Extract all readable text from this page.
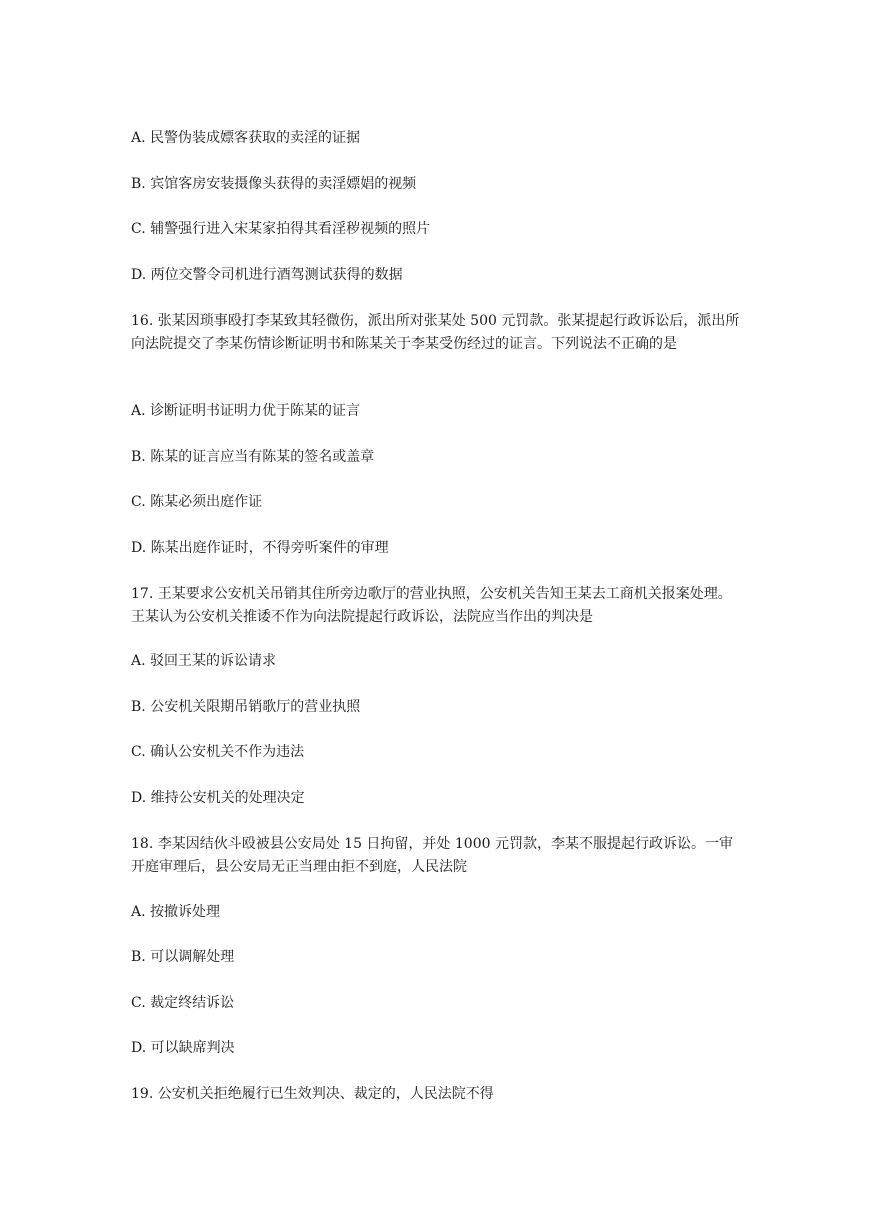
A. 民警伪装成嫖客获取的卖淫的证据
B. 宾馆客房安装摄像头获得的卖淫嫖娼的视频
C. 辅警强行进入宋某家拍得其看淫秽视频的照片
D. 两位交警令司机进行酒驾测试获得的数据
16. 张某因琐事殴打李某致其轻微伤，派出所对张某处 500 元罚款。张某提起行政诉讼后，派出所向法院提交了李某伤情诊断证明书和陈某关于李某受伤经过的证言。下列说法不正确的是
A. 诊断证明书证明力优于陈某的证言
B. 陈某的证言应当有陈某的签名或盖章
C. 陈某必须出庭作证
D. 陈某出庭作证时，不得旁听案件的审理
17. 王某要求公安机关吊销其住所旁边歌厅的营业执照，公安机关告知王某去工商机关报案处理。王某认为公安机关推诿不作为向法院提起行政诉讼，法院应当作出的判决是
A. 驳回王某的诉讼请求
B. 公安机关限期吊销歌厅的营业执照
C. 确认公安机关不作为违法
D. 维持公安机关的处理决定
18. 李某因结伙斗殴被县公安局处 15 日拘留，并处 1000 元罚款，李某不服提起行政诉讼。一审开庭审理后，县公安局无正当理由拒不到庭，人民法院
A. 按撤诉处理
B. 可以调解处理
C. 裁定终结诉讼
D. 可以缺席判决
19. 公安机关拒绝履行已生效判决、裁定的，人民法院不得
